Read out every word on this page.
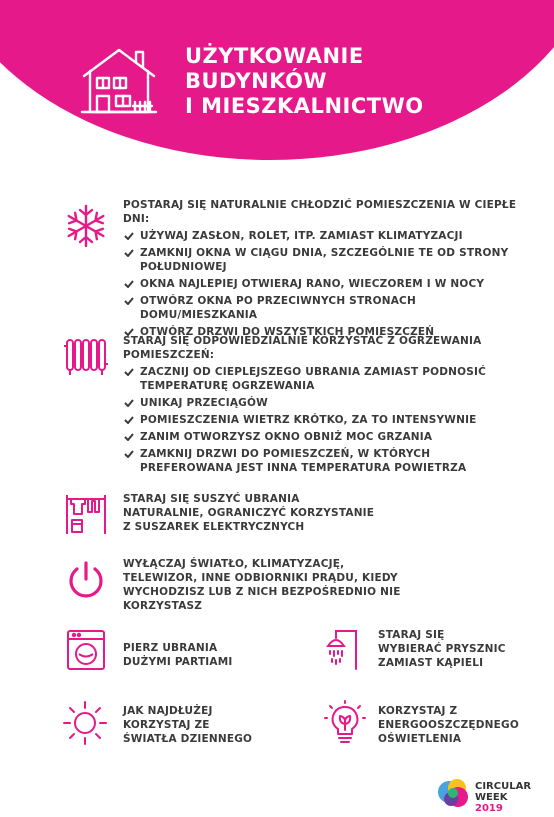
UŻYTKOWANIE
BUDYNKÓW
I MIESZKALNICTWO
POSTARAJ SIĘ NATURALNIE CHŁODZIĆ POMIESZCZENIA W CIEPŁE DNI:
UŻYWAJ ZASŁON, ROLET, ITP. ZAMIAST KLIMATYZACJI
ZAMKNIJ OKNA W CIĄGU DNIA, SZCZEGÓLNIE TE OD STRONY POŁUDNIOWEJ
OKNA NAJLEPIEJ OTWIERAJ RANO, WIECZOREM I W NOCY
OTWÓRZ OKNA PO PRZECIWNYCH STRONACH DOMU/MIESZKANIA
OTWÓRZ DRZWI DO WSZYSTKICH POMIESZCZEŃ
STARAJ SIĘ ODPOWIEDZIALNIE KORZYSTAĆ Z OGRZEWANIA POMIESZCZEŃ:
ZACZNIJ OD CIEPLEJSZEGO UBRANIA ZAMIAST PODNOSIĆ TEMPERATURĘ OGRZEWANIA
UNIKAJ PRZECIĄGÓW
POMIESZCZENIA WIETRZ KRÓTKO, ZA TO INTENSYWNIE
ZANIM OTWORZYSZ OKNO OBNIŻ MOC GRZANIA
ZAMKNIJ DRZWI DO POMIESZCZEŃ, W KTÓRYCH PREFEROWANA JEST INNA TEMPERATURA POWIETRZA
STARAJ SIĘ SUSZYĆ UBRANIA NATURALNIE, OGRANICZYĆ KORZYSTANIE Z SUSZAREK ELEKTRYCZNYCH
WYŁĄCZAJ ŚWIATŁO, KLIMATYZACJĘ, TELEWIZOR, INNE ODBIORNIKI PRĄDU, KIEDY WYCHODZISZ LUB Z NICH BEZPOŚREDNIO NIE KORZYSTASZ
PIERZ UBRANIA DUŻYMI PARTIAMI
STARAJ SIĘ WYBIERAĆ PRYSZNIC ZAMIAST KĄPIELI
JAK NAJDŁUŻEJ KORZYSTAJ ZE ŚWIATŁA DZIENNEGO
KORZYSTAJ Z ENERGOOSZCZĘDNEGO OŚWIETLENIA
CIRCULAR
WEEK 2019
